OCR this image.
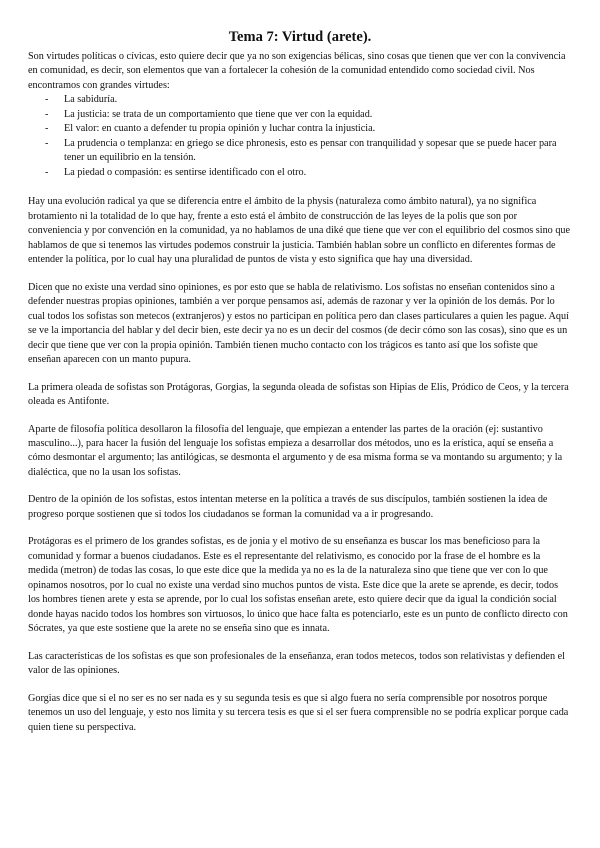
Tema 7: Virtud (arete).

Son virtudes políticas o cívicas, esto quiere decir que ya no son exigencias bélicas, sino cosas que tienen que ver con la convivencia en comunidad, es decir, son elementos que van a fortalecer la cohesión de la comunidad entendido como sociedad civil. Nos encontramos con grandes virtudes:

- La sabiduría.
- La justicia: se trata de un comportamiento que tiene que ver con la equidad.
- El valor: en cuanto a defender tu propia opinión y luchar contra la injusticia.
- La prudencia o templanza: en griego se dice phronesis, esto es pensar con tranquilidad y sopesar que se puede hacer para tener un equilibrio en la tensión.
- La piedad o compasión: es sentirse identificado con el otro.

Hay una evolución radical ya que se diferencia entre el ámbito de la physis (naturaleza como ámbito natural), ya no significa brotamiento ni la totalidad de lo que hay, frente a esto está el ámbito de construcción de las leyes de la polis que son por conveniencia y por convención en la comunidad, ya no hablamos de una diké que tiene que ver con el equilibrio del cosmos sino que hablamos de que si tenemos las virtudes podemos construir la justicia. También hablan sobre un conflicto en diferentes formas de entender la política, por lo cual hay una pluralidad de puntos de vista y esto significa que hay una diversidad.

Dicen que no existe una verdad sino opiniones, es por esto que se habla de relativismo. Los sofistas no enseñan contenidos sino a defender nuestras propias opiniones, también a ver porque pensamos así, además de razonar y ver la opinión de los demás. Por lo cual todos los sofistas son metecos (extranjeros) y estos no participan en política pero dan clases particulares a quien les pague. Aquí se ve la importancia del hablar y del decir bien, este decir ya no es un decir del cosmos (de decir cómo son las cosas), sino que es un decir que tiene que ver con la propia opinión. También tienen mucho contacto con los trágicos es tanto así que los sofiste que enseñan aparecen con un manto pupura.

La primera oleada de sofistas son Protágoras, Gorgias, la segunda oleada de sofistas son Hipias de Elis, Pródico de Ceos, y la tercera oleada es Antifonte.

Aparte de filosofía política desollaron la filosofía del lenguaje, que empiezan a entender las partes de la oración (ej: sustantivo masculino...), para hacer la fusión del lenguaje los sofistas empieza a desarrollar dos métodos, uno es la erística, aquí se enseña a cómo desmontar el argumento; las antilógicas, se desmonta el argumento y de esa misma forma se va montando su argumento; y la dialéctica, que no la usan los sofistas.

Dentro de la opinión de los sofistas, estos intentan meterse en la política a través de sus discípulos, también sostienen la idea de progreso porque sostienen que si todos los ciudadanos se forman la comunidad va a ir progresando.

Protágoras es el primero de los grandes sofistas, es de jonia y el motivo de su enseñanza es buscar los mas beneficioso para la comunidad y formar a buenos ciudadanos. Este es el representante del relativismo, es conocido por la frase de el hombre es la medida (metron) de todas las cosas, lo que este dice que la medida ya no es la de la naturaleza sino que tiene que ver con lo que opinamos nosotros, por lo cual no existe una verdad sino muchos puntos de vista. Este dice que la arete se aprende, es decir, todos los hombres tienen arete y esta se aprende, por lo cual los sofistas enseñan arete, esto quiere decir que da igual la condición social donde hayas nacido todos los hombres son virtuosos, lo único que hace falta es potenciarlo, este es un punto de conflicto directo con Sócrates, ya que este sostiene que la arete no se enseña sino que es innata.

Las características de los sofistas es que son profesionales de la enseñanza, eran todos metecos, todos son relativistas y defienden el valor de las opiniones.

Gorgias dice que si el no ser es no ser nada es y su segunda tesis es que si algo fuera no sería comprensible por nosotros porque tenemos un uso del lenguaje, y esto nos limita y su tercera tesis es que si el ser fuera comprensible no se podría explicar porque cada quien tiene su perspectiva.
